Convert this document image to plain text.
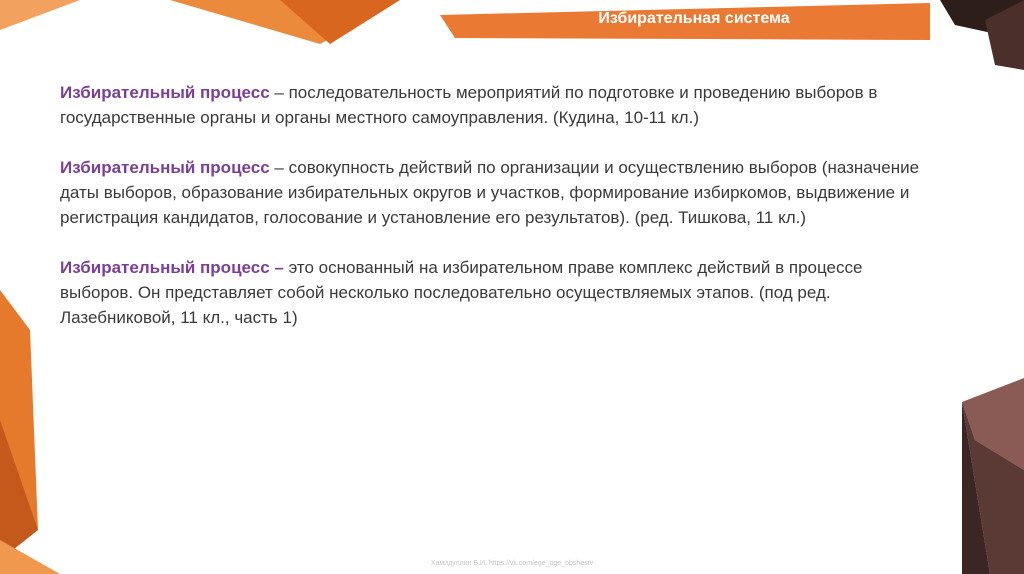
Избирательная система

Избирательный процесс – последовательность мероприятий по подготовке и проведению выборов в государственные органы и органы местного самоуправления. (Кудина, 10-11 кл.)

Избирательный процесс – совокупность действий по организации и осуществлению выборов (назначение даты выборов, образование избирательных округов и участков, формирование избиркомов, выдвижение и регистрация кандидатов, голосование и установление его результатов). (ред. Тишкова, 11 кл.)

Избирательный процесс – это основанный на избирательном праве комплекс действий в процессе выборов. Он представляет собой несколько последовательно осуществляемых этапов. (под ред. Лазебниковой, 11 кл., часть 1)

Хамидуллин Б.И. https://vk.com/ege_oge_obshestv
